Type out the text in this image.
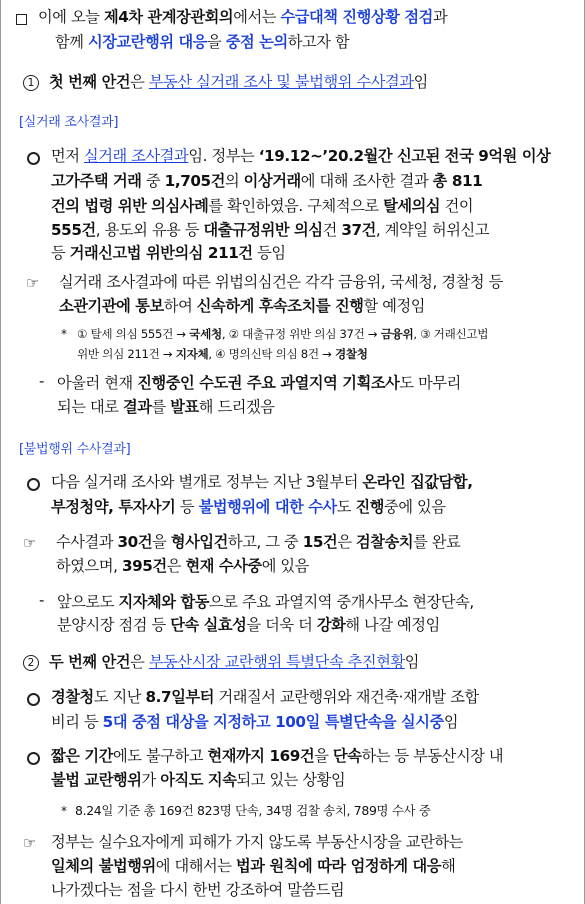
이에 오늘 제4차 관계장관회의에서는 수급대책 진행상황 점검과
함께 시장교란행위 대응을 중점 논의하고자 함
1 첫 번째 안건은 부동산 실거래 조사 및 불법행위 수사결과임
[실거래 조사결과]
먼저 실거래 조사결과임. 정부는 ‘19.12~’20.2월간 신고된 전국 9억원 이상
고가주택 거래 중 1,705건의 이상거래에 대해 조사한 결과 총 811
건의 법령 위반 의심사례를 확인하였음. 구체적으로 탈세의심 건이
555건, 용도외 유용 등 대출규정위반 의심건 37건, 계약일 허위신고
등 거래신고법 위반의심 211건 등임
☞ 실거래 조사결과에 따른 위법의심건은 각각 금융위, 국세청, 경찰청 등
소관기관에 통보하여 신속하게 후속조치를 진행할 예정임
* ① 탈세 의심 555건 → 국세청, ② 대출규정 위반 의심 37건 → 금융위, ③ 거래신고법
위반 의심 211건 → 지자체, ④ 명의신탁 의심 8건 → 경찰청
- 아울러 현재 진행중인 수도권 주요 과열지역 기획조사도 마무리
되는 대로 결과를 발표해 드리겠음
[불법행위 수사결과]
다음 실거래 조사와 별개로 정부는 지난 3월부터 온라인 집값담합,
부정청약, 투자사기 등 불법행위에 대한 수사도 진행중에 있음
☞ 수사결과 30건을 형사입건하고, 그 중 15건은 검찰송치를 완료
하였으며, 395건은 현재 수사중에 있음
- 앞으로도 지자체와 합동으로 주요 과열지역 중개사무소 현장단속,
분양시장 점검 등 단속 실효성을 더욱 더 강화해 나갈 예정임
2 두 번째 안건은 부동산시장 교란행위 특별단속 추진현황임
경찰청도 지난 8.7일부터 거래질서 교란행위와 재건축·재개발 조합
비리 등 5대 중점 대상을 지정하고 100일 특별단속을 실시중임
짧은 기간에도 불구하고 현재까지 169건을 단속하는 등 부동산시장 내
불법 교란행위가 아직도 지속되고 있는 상황임
* 8.24일 기준 총 169건 823명 단속, 34명 검찰 송치, 789명 수사 중
☞ 정부는 실수요자에게 피해가 가지 않도록 부동산시장을 교란하는
일체의 불법행위에 대해서는 법과 원칙에 따라 엄정하게 대응해
나가겠다는 점을 다시 한번 강조하여 말씀드림
